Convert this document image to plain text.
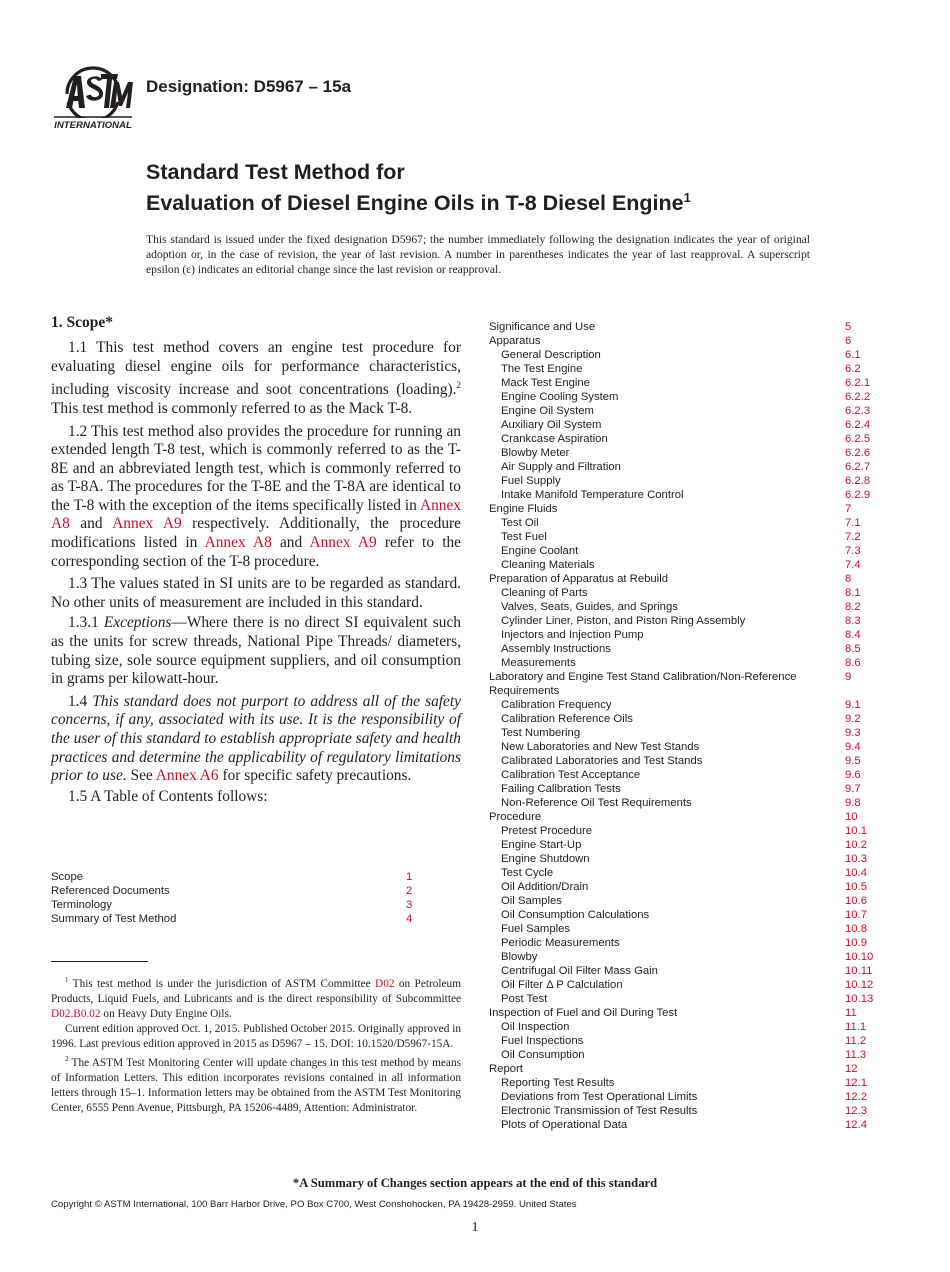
INTERNATIONAL
Designation: D5967 – 15a
Standard Test Method for
Evaluation of Diesel Engine Oils in T-8 Diesel Engine$^1$
This standard is issued under the fixed designation D5967; the number immediately following the designation indicates the year of original adoption or, in the case of revision, the year of last revision. A number in parentheses indicates the year of last reapproval. A superscript epsilon (ε) indicates an editorial change since the last revision or reapproval.
1. Scope*

1.1 This test method covers an engine test procedure for evaluating diesel engine oils for performance characteristics, including viscosity increase and soot concentrations (loading).$^2$ This test method is commonly referred to as the Mack T-8.

1.2 This test method also provides the procedure for running an extended length T-8 test, which is commonly referred to as the T-8E and an abbreviated length test, which is commonly referred to as T-8A. The procedures for the T-8E and the T-8A are identical to the T-8 with the exception of the items specifically listed in Annex A8 and Annex A9 respectively. Additionally, the procedure modifications listed in Annex A8 and Annex A9 refer to the corresponding section of the T-8 procedure.

1.3 The values stated in SI units are to be regarded as standard. No other units of measurement are included in this standard.

1.3.1 Exceptions—Where there is no direct SI equivalent such as the units for screw threads, National Pipe Threads/ diameters, tubing size, sole source equipment suppliers, and oil consumption in grams per kilowatt-hour.

1.4 This standard does not purport to address all of the safety concerns, if any, associated with its use. It is the responsibility of the user of this standard to establish appropriate safety and health practices and determine the applicability of regulatory limitations prior to use. See Annex A6 for specific safety precautions.

1.5 A Table of Contents follows:

Scope	1
Referenced Documents	2
Terminology	3
Summary of Test Method	4

$^1$ This test method is under the jurisdiction of ASTM Committee D02 on Petroleum Products, Liquid Fuels, and Lubricants and is the direct responsibility of Subcommittee D02.B0.02 on Heavy Duty Engine Oils.

Current edition approved Oct. 1, 2015. Published October 2015. Originally approved in 1996. Last previous edition approved in 2015 as D5967 – 15. DOI: 10.1520/D5967-15A.

$^2$ The ASTM Test Monitoring Center will update changes in this test method by means of Information Letters. This edition incorporates revisions contained in all information letters through 15–1. Information letters may be obtained from the ASTM Test Monitoring Center, 6555 Penn Avenue, Pittsburgh, PA 15206-4489, Attention: Administrator.

Significance and Use	5
Apparatus	6
General Description	6.1
The Test Engine	6.2
Mack Test Engine	6.2.1
Engine Cooling System	6.2.2
Engine Oil System	6.2.3
Auxiliary Oil System	6.2.4
Crankcase Aspiration	6.2.5
Blowby Meter	6.2.6
Air Supply and Filtration	6.2.7
Fuel Supply	6.2.8
Intake Manifold Temperature Control	6.2.9
Engine Fluids	7
Test Oil	7.1
Test Fuel	7.2
Engine Coolant	7.3
Cleaning Materials	7.4
Preparation of Apparatus at Rebuild	8
Cleaning of Parts	8.1
Valves, Seats, Guides, and Springs	8.2
Cylinder Liner, Piston, and Piston Ring Assembly	8.3
Injectors and Injection Pump	8.4
Assembly Instructions	8.5
Measurements	8.6
Laboratory and Engine Test Stand Calibration/Non-Reference Requirements
9
Calibration Frequency	9.1
Calibration Reference Oils	9.2
Test Numbering	9.3
New Laboratories and New Test Stands	9.4
Calibrated Laboratories and Test Stands	9.5
Calibration Test Acceptance	9.6
Failing Calibration Tests	9.7
Non-Reference Oil Test Requirements	9.8
Procedure	10
Pretest Procedure	10.1
Engine Start-Up	10.2
Engine Shutdown	10.3
Test Cycle	10.4
Oil Addition/Drain	10.5
Oil Samples	10.6
Oil Consumption Calculations	10.7
Fuel Samples	10.8
Periodic Measurements	10.9
Blowby	10.10
Centrifugal Oil Filter Mass Gain	10.11
Oil Filter Δ P Calculation	10.12
Post Test	10.13
Inspection of Fuel and Oil During Test	11
Oil Inspection	11.1
Fuel Inspections	11.2
Oil Consumption	11.3
Report	12
Reporting Test Results	12.1
Deviations from Test Operational Limits	12.2
Electronic Transmission of Test Results	12.3
Plots of Operational Data	12.4
*A Summary of Changes section appears at the end of this standard
Copyright © ASTM International, 100 Barr Harbor Drive, PO Box C700, West Conshohocken, PA 19428-2959. United States
1
